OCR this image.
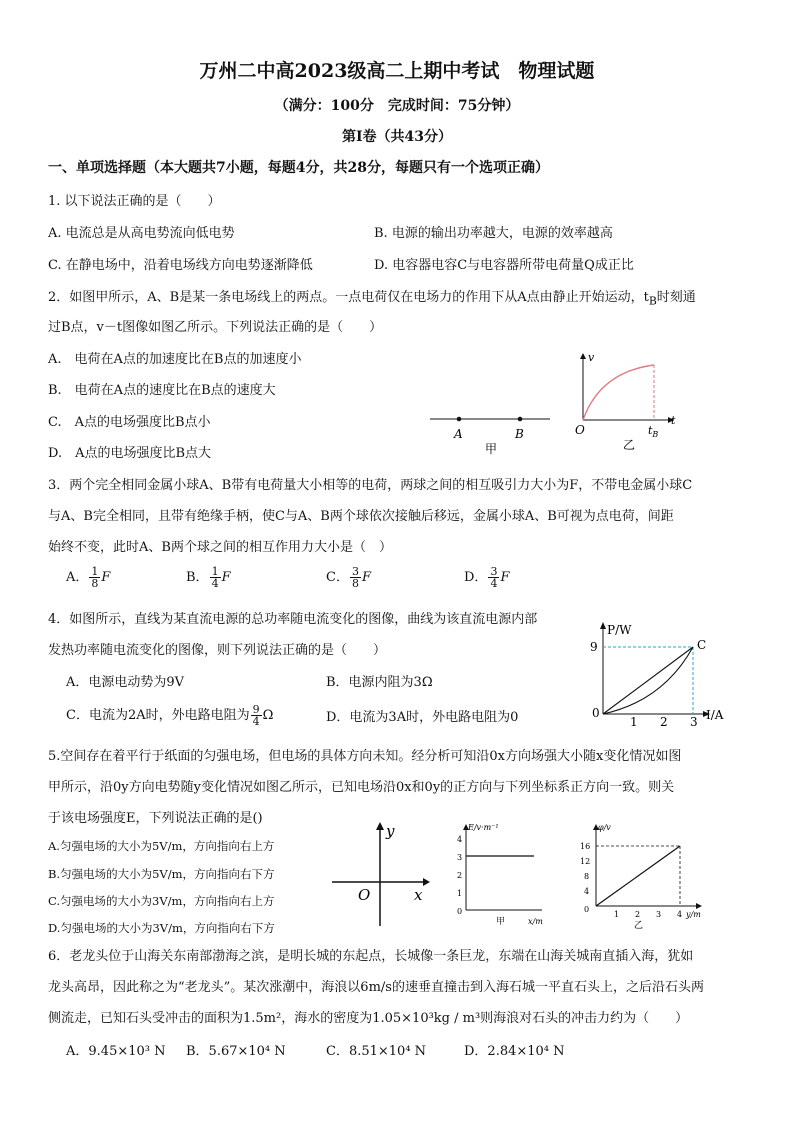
万州二中高2023级高二上期中考试　物理试题
（满分：100分　完成时间：75分钟）
第Ⅰ卷（共43分）
一、单项选择题（本大题共7小题，每题4分，共28分，每题只有一个选项正确）
1. 以下说法正确的是（　　）
A. 电流总是从高电势流向低电势	B. 电源的输出功率越大，电源的效率越高
C. 在静电场中，沿着电场线方向电势逐渐降低	D. 电容器电容C与电容器所带电荷量Q成正比
2．如图甲所示，A、B是某一条电场线上的两点。一点电荷仅在电场力的作用下从A点由静止开始运动，$t_B$时刻通
过B点，v－t图像如图乙所示。下列说法正确的是（　　）
A.　电荷在A点的加速度比在B点的加速度小
B.　电荷在A点的速度比在B点的速度大
C.　A点的电场强度比B点小
D.　A点的电场强度比B点大
A	B
甲
v
t
O	$t_B$
乙
3．两个完全相同金属小球A、B带有电荷量大小相等的电荷，两球之间的相互吸引力大小为F，不带电金属小球C
与A、B完全相同，且带有绝缘手柄，使C与A、B两个球依次接触后移远，金属小球A、B可视为点电荷，间距
始终不变，此时A、B两个球之间的相互作用力大小是（　）
A． $\frac{1}{8}$ F	B． $\frac{1}{4}$ F	C． $\frac{3}{8}$ F	D． $\frac{3}{4}$ F
4．如图所示，直线为某直流电源的总功率随电流变化的图像，曲线为该直流电源内部
发热功率随电流变化的图像，则下列说法正确的是（　　）
A．电源电动势为9V	B．电源内阻为3Ω
C．电流为2A时，外电路电阻为 $\frac{9}{4}$ Ω	D．电流为3A时，外电路电阻为0
P/W
I/A
9
0
1 2 3
C
5.空间存在着平行于纸面的匀强电场，但电场的具体方向未知。经分析可知沿0x方向场强大小随x变化情况如图
甲所示，沿0y方向电势随y变化情况如图乙所示，已知电场沿0x和0y的正方向与下列坐标系正方向一致。则关
于该电场强度E，下列说法正确的是()
A.匀强电场的大小为5V/m，方向指向右上方
B.匀强电场的大小为5V/m，方向指向右下方
C.匀强电场的大小为3V/m，方向指向右上方
D.匀强电场的大小为3V/m，方向指向右下方
y
x
O
E/v·m⁻¹
4
3
2
1
0
甲	x/m
φ/v
16
12
8
4
0
1 2 3 4 y/m
乙
6．老龙头位于山海关东南部渤海之滨，是明长城的东起点，长城像一条巨龙，东端在山海关城南直插入海，犹如
龙头高昂，因此称之为“老龙头”。某次涨潮中，海浪以6m/s的速垂直撞击到入海石城一平直石头上，之后沿石头两
侧流走，已知石头受冲击的面积为1.5m²，海水的密度为1.05×10³kg / m³则海浪对石头的冲击力约为（　　）
A．9.45×10³ N B．5.67×10⁴ N	C．8.51×10⁴ N	D．2.84×10⁴ N
